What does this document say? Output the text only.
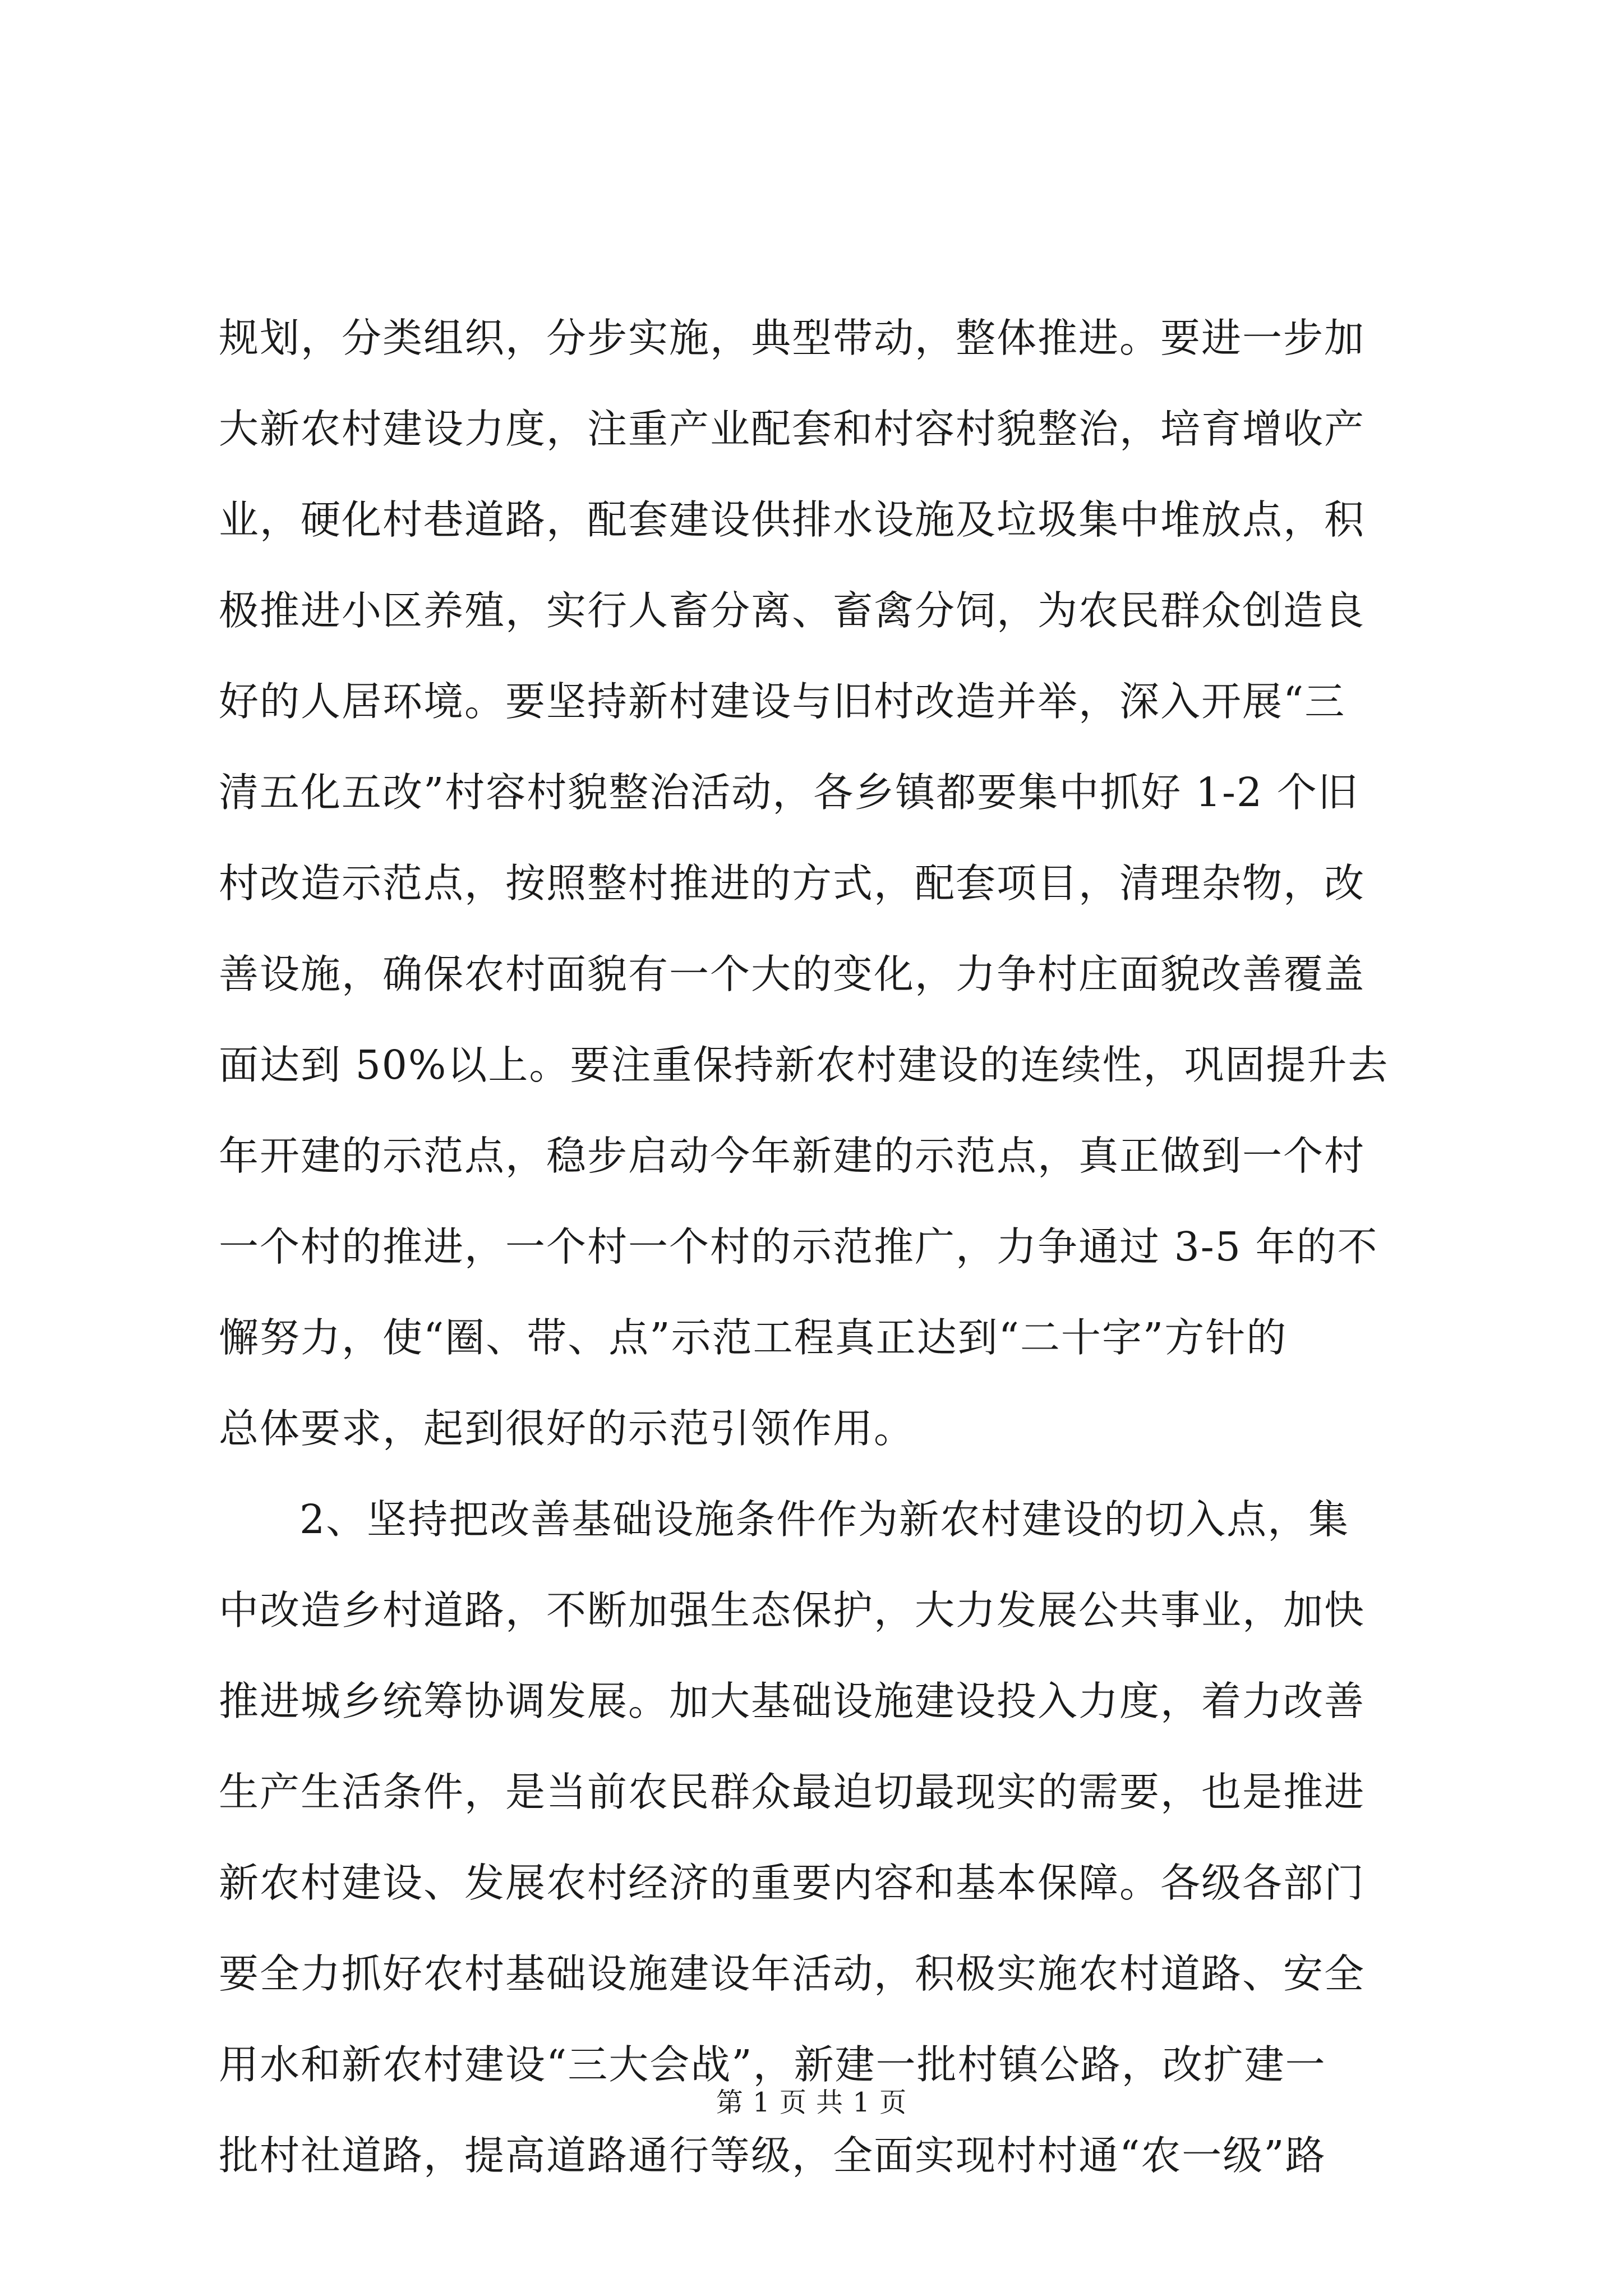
规划，分类组织，分步实施，典型带动，整体推进。要进一步加
大新农村建设力度，注重产业配套和村容村貌整治，培育增收产
业，硬化村巷道路，配套建设供排水设施及垃圾集中堆放点，积
极推进小区养殖，实行人畜分离、畜禽分饲，为农民群众创造良
好的人居环境。要坚持新村建设与旧村改造并举，深入开展“三
清五化五改”村容村貌整治活动，各乡镇都要集中抓好 1-2 个旧
村改造示范点，按照整村推进的方式，配套项目，清理杂物，改
善设施，确保农村面貌有一个大的变化，力争村庄面貌改善覆盖
面达到 50%以上。要注重保持新农村建设的连续性，巩固提升去
年开建的示范点，稳步启动今年新建的示范点，真正做到一个村
一个村的推进，一个村一个村的示范推广，力争通过 3-5 年的不
懈努力，使“圈、带、点”示范工程真正达到“二十字”方针的
总体要求，起到很好的示范引领作用。
2、坚持把改善基础设施条件作为新农村建设的切入点，集
中改造乡村道路，不断加强生态保护，大力发展公共事业，加快
推进城乡统筹协调发展。加大基础设施建设投入力度，着力改善
生产生活条件，是当前农民群众最迫切最现实的需要，也是推进
新农村建设、发展农村经济的重要内容和基本保障。各级各部门
要全力抓好农村基础设施建设年活动，积极实施农村道路、安全
用水和新农村建设“三大会战”，新建一批村镇公路，改扩建一
批村社道路，提高道路通行等级，全面实现村村通“农一级”路
第 1 页 共 1 页
